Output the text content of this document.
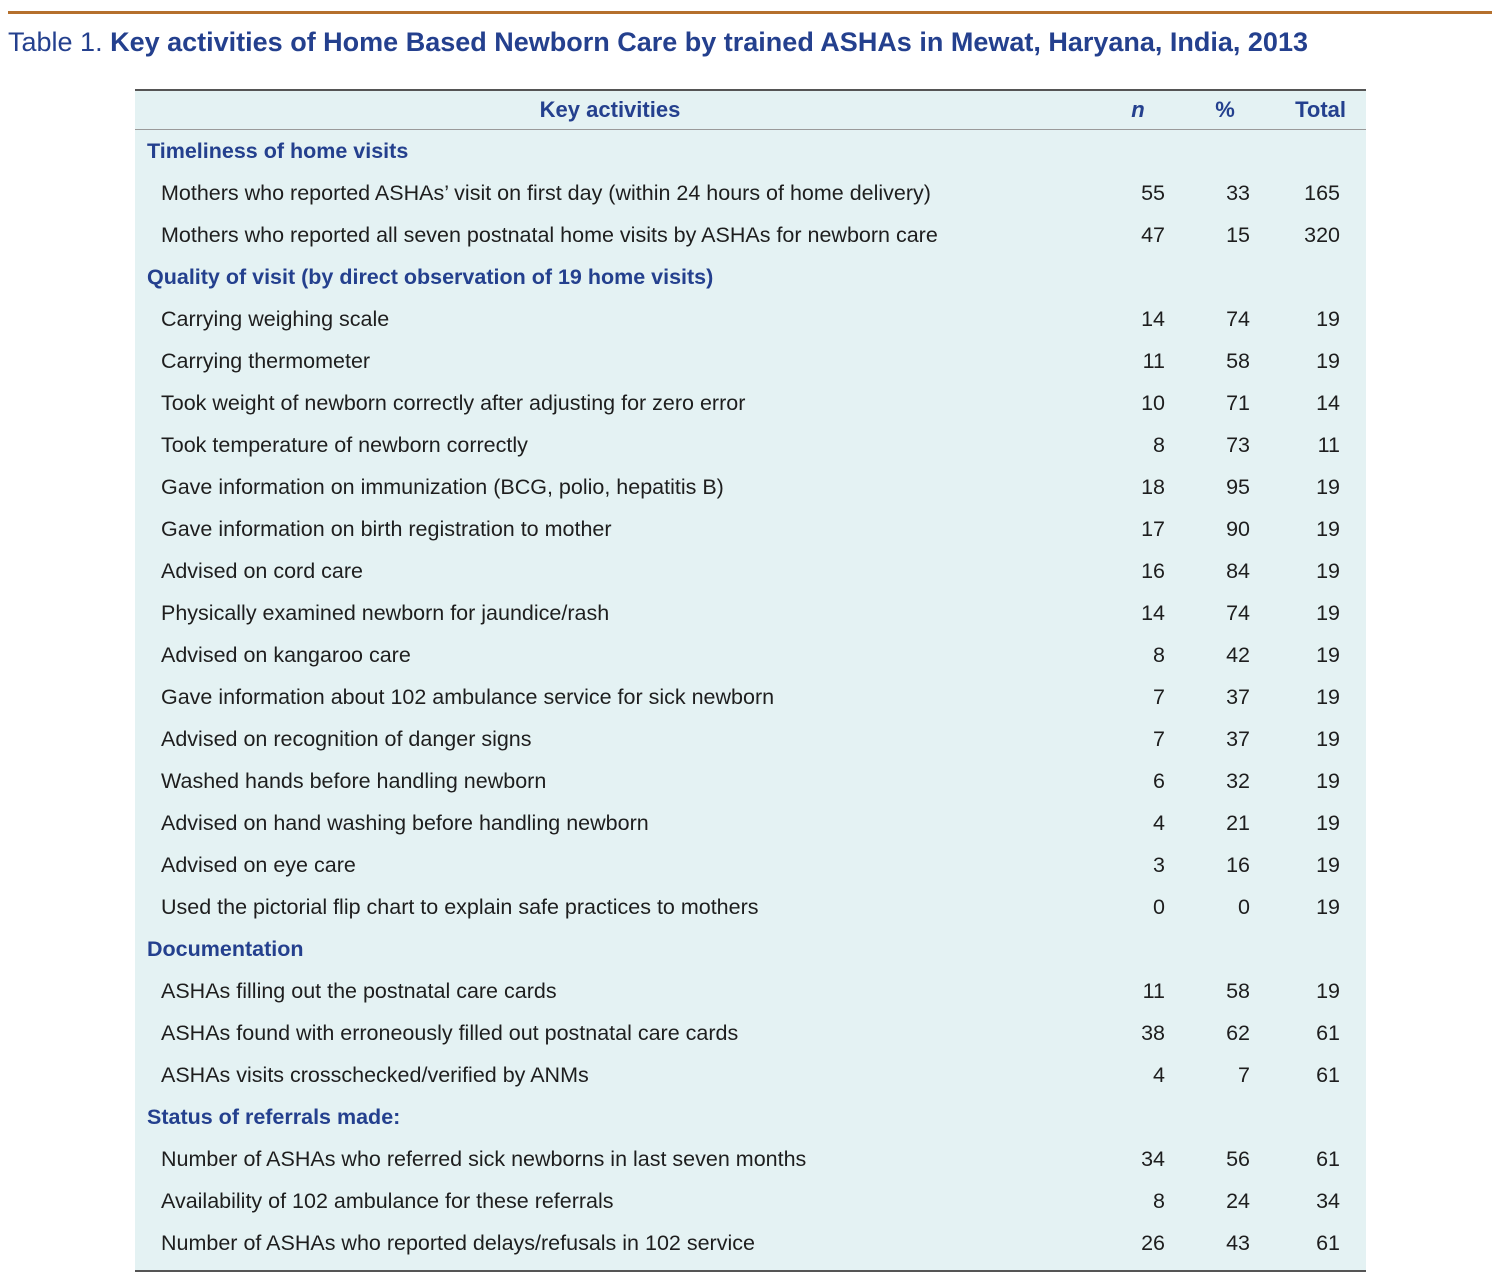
Table 1. Key activities of Home Based Newborn Care by trained ASHAs in Mewat, Haryana, India, 2013
Key activities	n	%	Total
Timeliness of home visits			
Mothers who reported ASHAs’ visit on first day (within 24 hours of home delivery)	55	33	165
Mothers who reported all seven postnatal home visits by ASHAs for newborn care	47	15	320
Quality of visit (by direct observation of 19 home visits)			
Carrying weighing scale	14	74	19
Carrying thermometer	11	58	19
Took weight of newborn correctly after adjusting for zero error	10	71	14
Took temperature of newborn correctly	8	73	11
Gave information on immunization (BCG, polio, hepatitis B)	18	95	19
Gave information on birth registration to mother	17	90	19
Advised on cord care	16	84	19
Physically examined newborn for jaundice/rash	14	74	19
Advised on kangaroo care	8	42	19
Gave information about 102 ambulance service for sick newborn	7	37	19
Advised on recognition of danger signs	7	37	19
Washed hands before handling newborn	6	32	19
Advised on hand washing before handling newborn	4	21	19
Advised on eye care	3	16	19
Used the pictorial flip chart to explain safe practices to mothers	0	0	19
Documentation			
ASHAs filling out the postnatal care cards	11	58	19
ASHAs found with erroneously filled out postnatal care cards	38	62	61
ASHAs visits crosschecked/verified by ANMs	4	7	61
Status of referrals made:			
Number of ASHAs who referred sick newborns in last seven months	34	56	61
Availability of 102 ambulance for these referrals	8	24	34
Number of ASHAs who reported delays/refusals in 102 service	26	43	61
